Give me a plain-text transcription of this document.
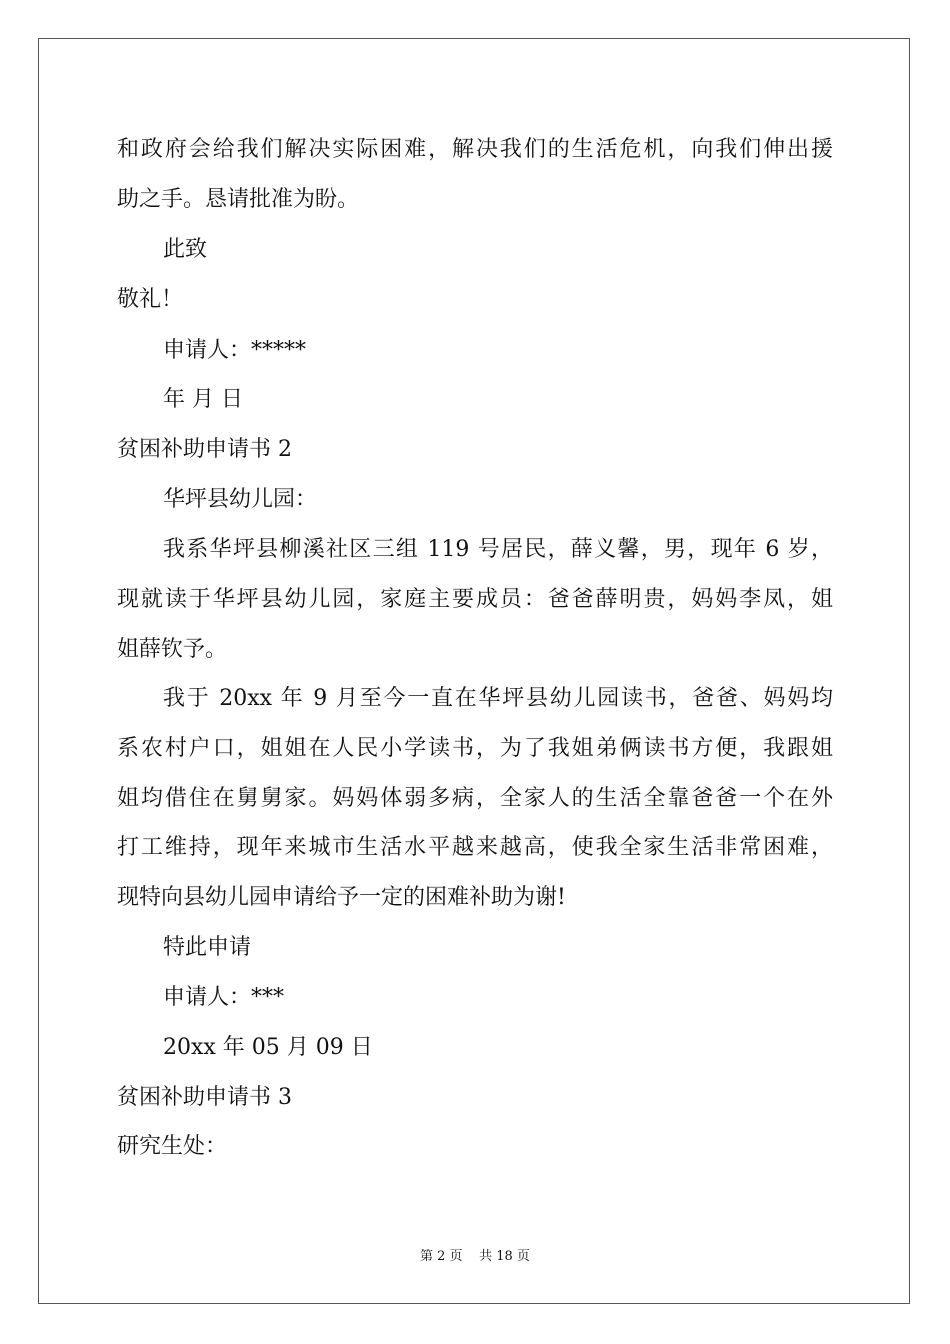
和政府会给我们解决实际困难，解决我们的生活危机，向我们伸出援
助之手。恳请批准为盼。
此致
敬礼！
申请人：*****
年 月 日
贫困补助申请书 2
华坪县幼儿园：
我系华坪县柳溪社区三组 119 号居民，薛义馨，男，现年 6 岁，
现就读于华坪县幼儿园，家庭主要成员：爸爸薛明贵，妈妈李凤，姐
姐薛钦予。
我于 20xx 年 9 月至今一直在华坪县幼儿园读书，爸爸、妈妈均
系农村户口，姐姐在人民小学读书，为了我姐弟俩读书方便，我跟姐
姐均借住在舅舅家。妈妈体弱多病，全家人的生活全靠爸爸一个在外
打工维持，现年来城市生活水平越来越高，使我全家生活非常困难，
现特向县幼儿园申请给予一定的困难补助为谢!
特此申请
申请人：***
20xx 年 05 月 09 日
贫困补助申请书 3
研究生处：
第 2 页 共 18 页
